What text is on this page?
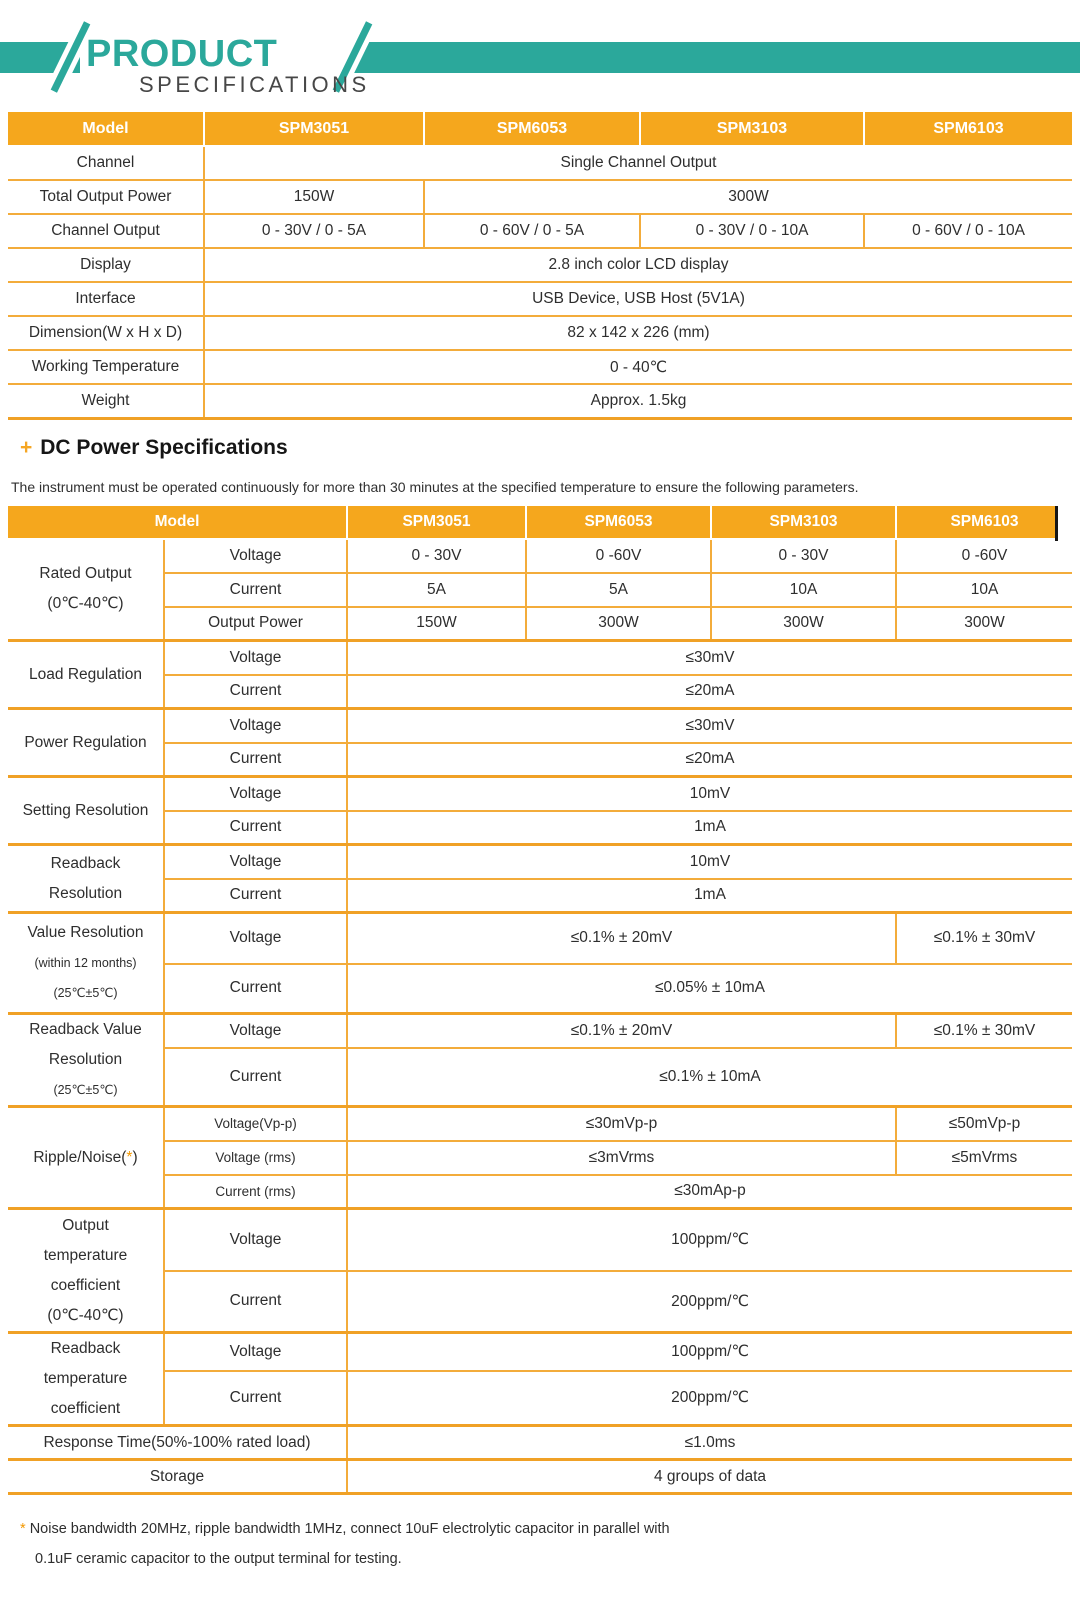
PRODUCT
SPECIFICATIONS
Model	SPM3051	SPM6053	SPM3103	SPM6103
Channel	Single Channel Output			
Total Output Power	150W	300W		
Channel Output	0 - 30V / 0 - 5A	0 - 60V / 0 - 5A	0 - 30V / 0 - 10A	0 - 60V / 0 - 10A
Display	2.8 inch color LCD display			
Interface	USB Device, USB Host (5V1A)			
Dimension(W x H x D)	82 x 142 x 226 (mm)			
Working Temperature	0 - 40℃			
Weight	Approx. 1.5kg			
+ DC Power Specifications
The instrument must be operated continuously for more than 30 minutes at the specified temperature to ensure the following parameters.
Model		SPM3051	SPM6053	SPM3103	SPM6103

Rated Output
(0℃-40℃)	Voltage	0 - 30V	0 -60V	0 - 30V	0 -60V
	Current	5A	5A	10A	10A
	Output Power	150W	300W	300W	300W
Load Regulation	Voltage	≤30mV			
	Current	≤20mA			
Power Regulation	Voltage	≤30mV			
	Current	≤20mA			
Setting Resolution	Voltage	10mV			
	Current	1mA			

Readback
Resolution	Voltage	10mV			
	Current	1mA			

Value Resolution
(within 12 months)
(25℃±5℃)	Voltage	≤0.1% ± 20mV			≤0.1% ± 30mV
	Current	≤0.05% ± 10mA			

Readback Value
Resolution
(25℃±5℃)	Voltage	≤0.1% ± 20mV			≤0.1% ± 30mV
	Current	≤0.1% ± 10mA			
Ripple/Noise(*)	Voltage(Vp-p)	≤30mVp-p			≤50mVp-p
	Voltage (rms)	≤3mVrms			≤5mVrms
	Current (rms)	≤30mAp-p			

Output
temperature
coefficient
(0℃-40℃)	Voltage	100ppm/℃			
	Current	200ppm/℃			

Readback
temperature
coefficient	Voltage	100ppm/℃			
	Current	200ppm/℃			
Response Time(50%-100% rated load)		≤1.0ms			
Storage		4 groups of data			
* Noise bandwidth 20MHz, ripple bandwidth 1MHz, connect 10uF electrolytic capacitor in parallel with
0.1uF ceramic capacitor to the output terminal for testing.
